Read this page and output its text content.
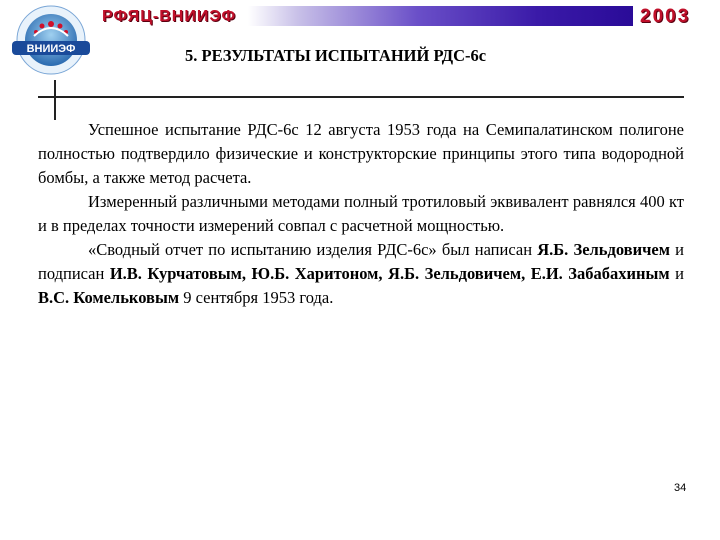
ВНИИЭФ
РФЯЦ-ВНИИЭФ	2003
5. РЕЗУЛЬТАТЫ ИСПЫТАНИЙ РДС-6с

Успешное испытание РДС-6с 12 августа 1953 года на Семипалатинском полигоне полностью подтвердило физические и конструкторские принципы этого типа водородной бомбы, а также метод расчета.

Измеренный различными методами полный тротиловый эквивалент равнялся 400 кт и в пределах точности измерений совпал с расчетной мощностью.

«Сводный отчет по испытанию изделия РДС-6с» был написан Я.Б. Зельдовичем и подписан И.В. Курчатовым, Ю.Б. Харитоном, Я.Б. Зельдовичем, Е.И. Забабахиным и В.С. Комельковым 9 сентября 1953 года.

34
